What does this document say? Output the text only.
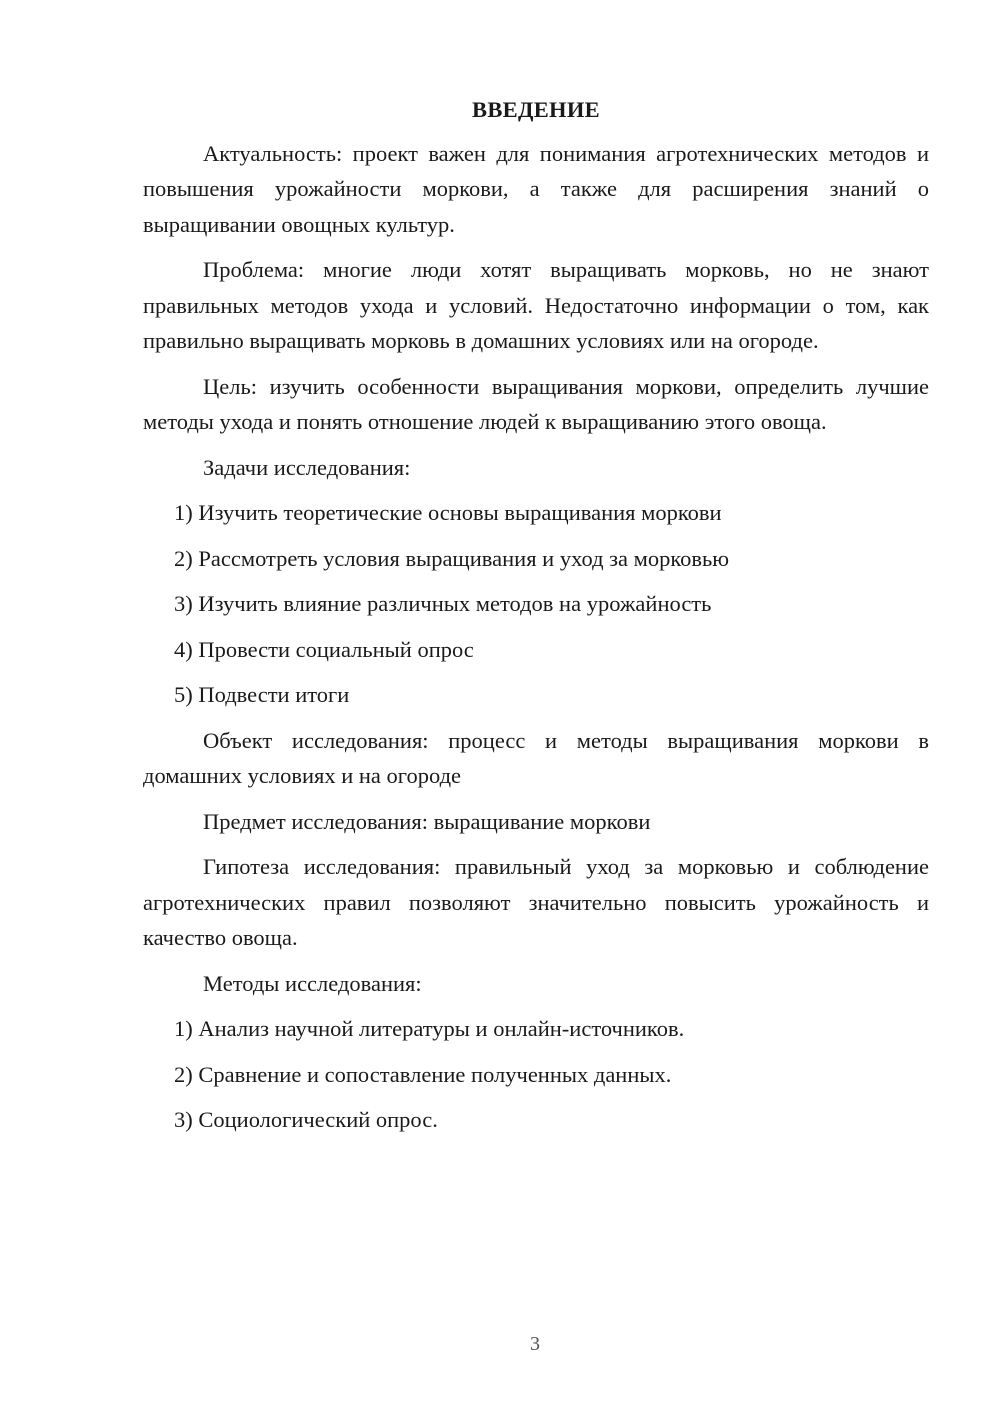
ВВЕДЕНИЕ

Актуальность: проект важен для понимания агротехнических методов и повышения урожайности моркови, а также для расширения знаний о выращивании овощных культур.

Проблема: многие люди хотят выращивать морковь, но не знают правильных методов ухода и условий. Недостаточно информации о том, как правильно выращивать морковь в домашних условиях или на огороде.

Цель: изучить особенности выращивания моркови, определить лучшие методы ухода и понять отношение людей к выращиванию этого овоща.

Задачи исследования:

1) Изучить теоретические основы выращивания моркови
2) Рассмотреть условия выращивания и уход за морковью
3) Изучить влияние различных методов на урожайность
4) Провести социальный опрос
5) Подвести итоги

Объект исследования: процесс и методы выращивания моркови в домашних условиях и на огороде

Предмет исследования: выращивание моркови

Гипотеза исследования: правильный уход за морковью и соблюдение агротехнических правил позволяют значительно повысить урожайность и качество овоща.

Методы исследования:

1) Анализ научной литературы и онлайн-источников.
2) Сравнение и сопоставление полученных данных.
3) Социологический опрос.
3
